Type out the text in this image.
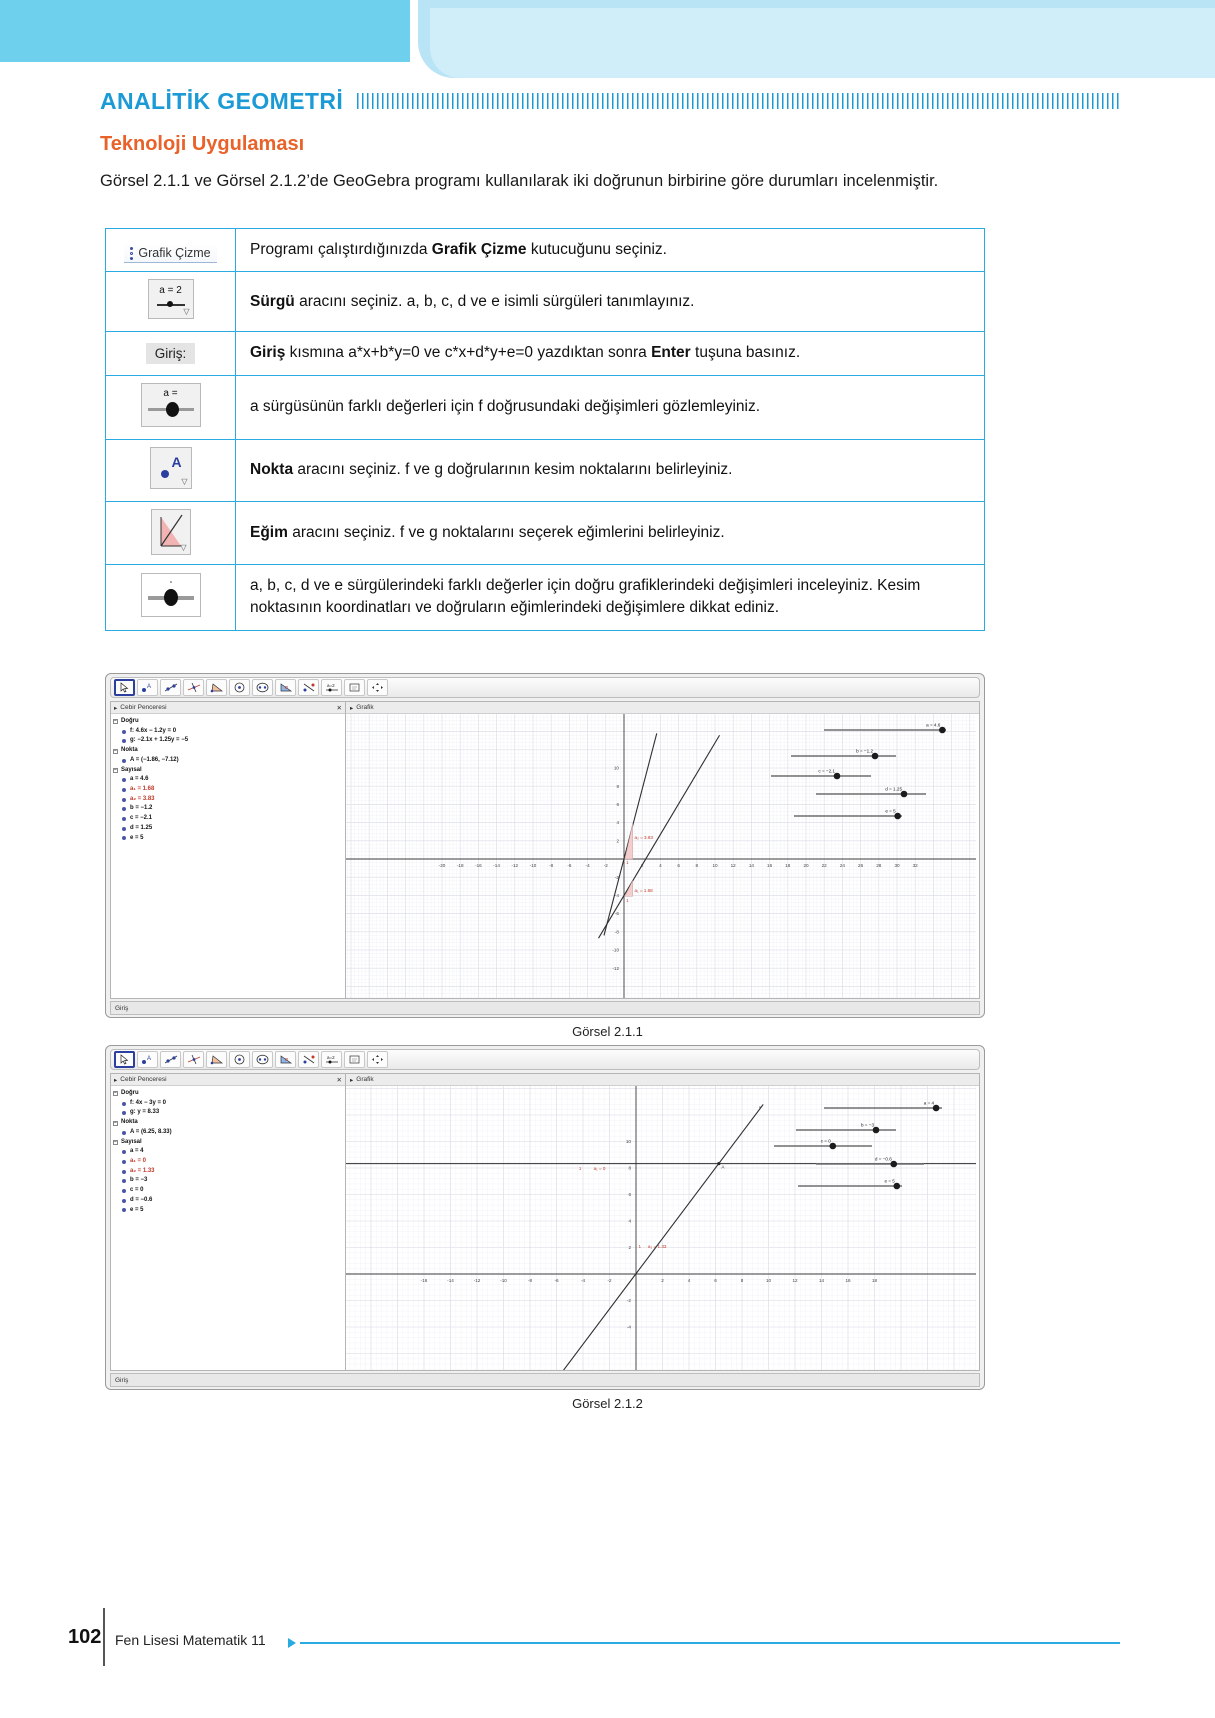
ANALİTİK GEOMETRİ
Teknoloji Uygulaması
Görsel 2.1.1 ve Görsel 2.1.2’de GeoGebra programı kullanılarak iki doğrunun birbirine göre durumları incelenmiştir.
Grafik Çizme	Programı çalıştırdığınızda Grafik Çizme kutucuğunu seçiniz.

a = 2
▽	Sürgü aracını seçiniz. a, b, c, d ve e isimli sürgüleri tanımlayınız.
Giriş:	Giriş kısmına a*x+b*y=0 ve c*x+d*y+e=0 yazdıktan sonra Enter tuşuna basınız.

a =	a sürgüsünün farklı değerleri için f doğrusundaki değişimleri gözlemleyiniz.

A
▽	Nokta aracını seçiniz. f ve g doğrularının kesim noktalarını belirleyiniz.

▽	Eğim aracını seçiniz. f ve g noktalarını seçerek eğimlerini belirleyiniz.

	a, b, c, d ve e sürgülerindeki farklı değerler için doğru grafiklerindeki değişimleri inceleyiniz. Kesim noktasının koordinatları ve doğruların eğimlerindeki değişimlere dikkat ediniz.
A	α	a=2
▸ Cebir Penceresi	✕
− Doğru
f: 4.6x − 1.2y = 0
g: −2.1x + 1.25y = −5
− Nokta
A = (−1.86, −7.12)
− Sayısal
a = 4.6
a₁ = 1.68
a₂ = 3.83
b = −1.2
c = −2.1
d = 1.25
e = 5
▸ Grafik
-20	-18	-16	-14	-12	-10	-8	-6	-4	-2	4	6	8	10	12	14	16	18	20	22	24	26	28	30	32
10
8
6
4
2
-2
-4
-6
-8
-10
-12
a₂ = 3.83
a₁ = 1.68
1
1
a = 4.6
b = −1.2
c = −2.1
d = 1.25
e = 5
Giriş
Görsel 2.1.1
A	α	a=2
▸ Cebir Penceresi	✕
− Doğru
f: 4x − 3y = 0
g: y = 8.33
− Nokta
A = (6.25, 8.33)
− Sayısal
a = 4
a₁ = 0
a₂ = 1.33
b = −3
c = 0
d = −0.6
e = 5
▸ Grafik
-16	-14	-12	-10	-8	-6	-4	-2	2	4	6	8	10	12	14	16	18
10
8
6
4
2
-2
-4
A
f
a₁ = 0
a₂ = 1.33
1
1
a = 4
b = −3
c = 0
d = −0.6
e = 5
Giriş
Görsel 2.1.2
102 Fen Lisesi Matematik 11
